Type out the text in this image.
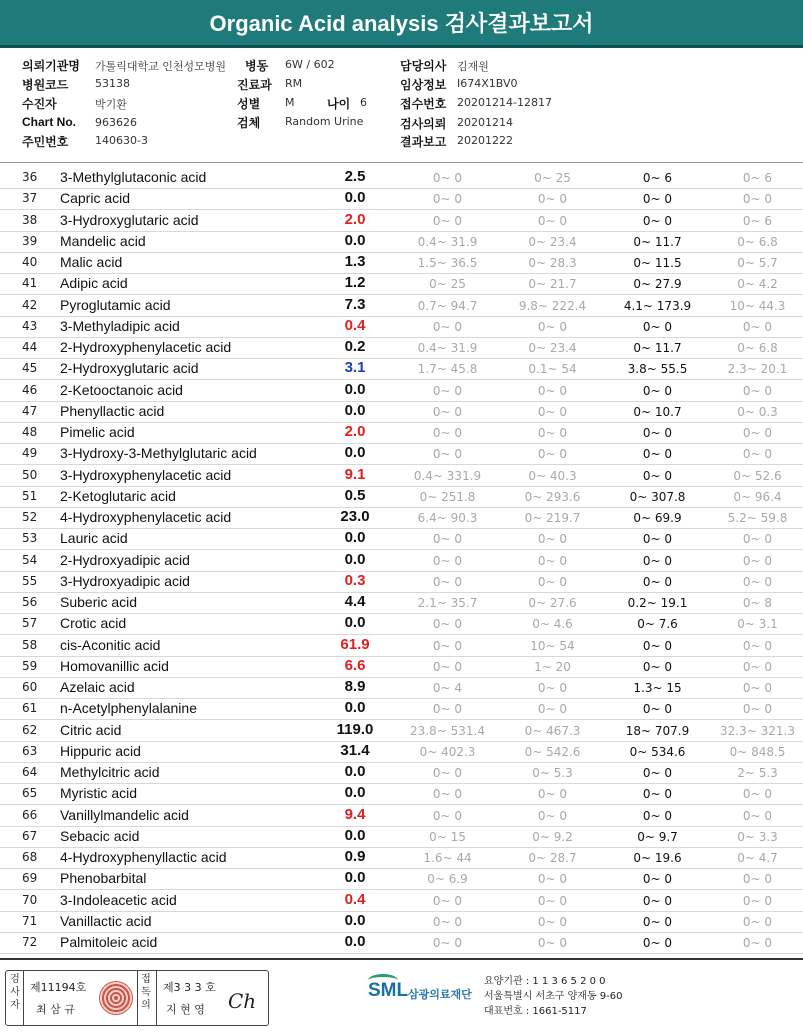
Organic Acid analysis 검사결과보고서
의뢰기관명 가톨릭대학교 인천성모병원 병동 6W / 602	담당의사 김재원
병원코드 53138	진료과 RM	임상정보 I674X1BV0
수진자	박기환	성별 M	나이 6	접수번호 20201214-12817
Chart No. 963626	검체 Random Urine	검사의뢰 20201214
주민번호 140630-3	결과보고 20201222
36 3-Methylglutaconic acid	2.5	0~ 0	0~ 25	0~ 6	0~ 6
37 Capric acid	0.0	0~ 0	0~ 0	0~ 0	0~ 0
38 3-Hydroxyglutaric acid	2.0	0~ 0	0~ 0	0~ 0	0~ 6
39 Mandelic acid	0.0	0.4~ 31.9	0~ 23.4	0~ 11.7	0~ 6.8
40 Malic acid	1.3	1.5~ 36.5	0~ 28.3	0~ 11.5	0~ 5.7
41 Adipic acid	1.2	0~ 25	0~ 21.7	0~ 27.9	0~ 4.2
42 Pyroglutamic acid	7.3	0.7~ 94.7	9.8~ 222.4	4.1~ 173.9	10~ 44.3
43 3-Methyladipic acid	0.4	0~ 0	0~ 0	0~ 0	0~ 0
44 2-Hydroxyphenylacetic acid	0.2	0.4~ 31.9	0~ 23.4	0~ 11.7	0~ 6.8
45 2-Hydroxyglutaric acid	3.1	1.7~ 45.8	0.1~ 54	3.8~ 55.5	2.3~ 20.1
46 2-Ketooctanoic acid	0.0	0~ 0	0~ 0	0~ 0	0~ 0
47 Phenyllactic acid	0.0	0~ 0	0~ 0	0~ 10.7	0~ 0.3
48 Pimelic acid	2.0	0~ 0	0~ 0	0~ 0	0~ 0
49 3-Hydroxy-3-Methylglutaric acid	0.0	0~ 0	0~ 0	0~ 0	0~ 0
50 3-Hydroxyphenylacetic acid	9.1	0.4~ 331.9	0~ 40.3	0~ 0	0~ 52.6
51 2-Ketoglutaric acid	0.5	0~ 251.8	0~ 293.6	0~ 307.8	0~ 96.4
52 4-Hydroxyphenylacetic acid	23.0	6.4~ 90.3	0~ 219.7	0~ 69.9	5.2~ 59.8
53 Lauric acid	0.0	0~ 0	0~ 0	0~ 0	0~ 0
54 2-Hydroxyadipic acid	0.0	0~ 0	0~ 0	0~ 0	0~ 0
55 3-Hydroxyadipic acid	0.3	0~ 0	0~ 0	0~ 0	0~ 0
56 Suberic acid	4.4	2.1~ 35.7	0~ 27.6	0.2~ 19.1	0~ 8
57 Crotic acid	0.0	0~ 0	0~ 4.6	0~ 7.6	0~ 3.1
58 cis-Aconitic acid	61.9	0~ 0	10~ 54	0~ 0	0~ 0
59 Homovanillic acid	6.6	0~ 0	1~ 20	0~ 0	0~ 0
60 Azelaic acid	8.9	0~ 4	0~ 0	1.3~ 15	0~ 0
61 n-Acetylphenylalanine	0.0	0~ 0	0~ 0	0~ 0	0~ 0
62 Citric acid	119.0	23.8~ 531.4	0~ 467.3	18~ 707.9	32.3~ 321.3
63 Hippuric acid	31.4	0~ 402.3	0~ 542.6	0~ 534.6	0~ 848.5
64 Methylcitric acid	0.0	0~ 0	0~ 5.3	0~ 0	2~ 5.3
65 Myristic acid	0.0	0~ 0	0~ 0	0~ 0	0~ 0
66 Vanillylmandelic acid	9.4	0~ 0	0~ 0	0~ 0	0~ 0
67 Sebacic acid	0.0	0~ 15	0~ 9.2	0~ 9.7	0~ 3.3
68 4-Hydroxyphenyllactic acid	0.9	1.6~ 44	0~ 28.7	0~ 19.6	0~ 4.7
69 Phenobarbital	0.0	0~ 6.9	0~ 0	0~ 0	0~ 0
70 3-Indoleacetic acid	0.4	0~ 0	0~ 0	0~ 0	0~ 0
71 Vanillactic acid	0.0	0~ 0	0~ 0	0~ 0	0~ 0
72 Palmitoleic acid	0.0	0~ 0	0~ 0	0~ 0	0~ 0
검사자
제11194호
최 삼 규
접독의
제3 3 3 호
지 현 영 Ch	SML 삼광의료재단
요양기관 : 1 1 3 6 5 2 0 0
서울특별시 서초구 양재동 9-60
대표번호 : 1661-5117
